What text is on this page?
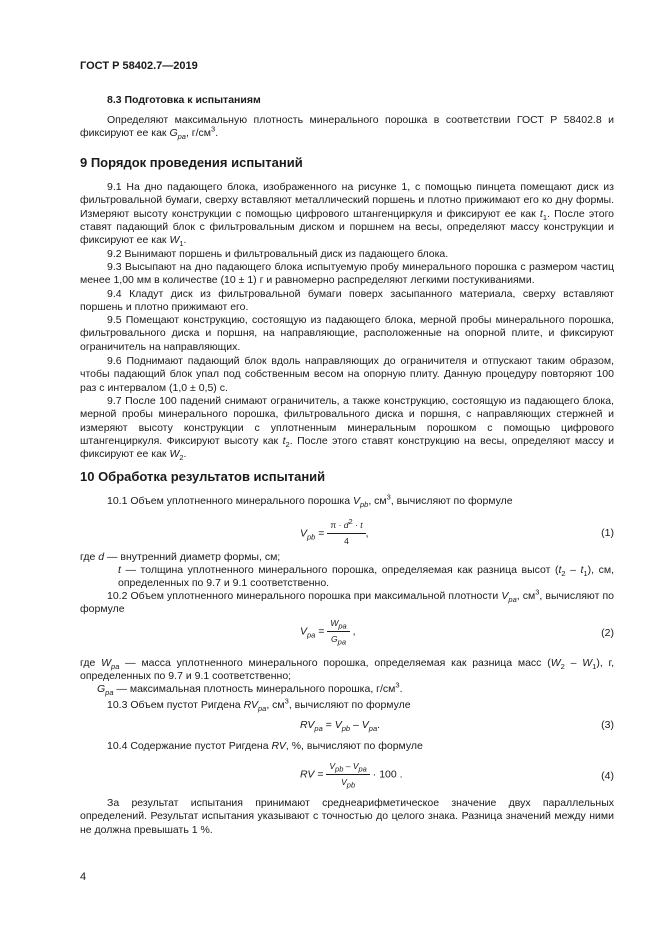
ГОСТ Р 58402.7—2019
8.3 Подготовка к испытаниям

Определяют максимальную плотность минерального порошка в соответствии ГОСТ Р 58402.8 и фиксируют ее как $G_{ра}$, $г/см^3$.

9 Порядок проведения испытаний

9.1 На дно падающего блока, изображенного на рисунке 1, с помощью пинцета помещают диск из фильтровальной бумаги, сверху вставляют металлический поршень и плотно прижимают его ко дну формы. Измеряют высоту конструкции с помощью цифрового штангенциркуля и фиксируют ее как $t_1$. После этого ставят падающий блок с фильтровальным диском и поршнем на весы, определяют массу конструкции и фиксируют ее как $W_1$.

9.2 Вынимают поршень и фильтровальный диск из падающего блока.

9.3 Высыпают на дно падающего блока испытуемую пробу минерального порошка с размером частиц менее 1,00 мм в количестве (10 ± 1) г и равномерно распределяют легкими постукиваниями.

9.4 Кладут диск из фильтровальной бумаги поверх засыпанного материала, сверху вставляют поршень и плотно прижимают его.

9.5 Помещают конструкцию, состоящую из падающего блока, мерной пробы минерального порошка, фильтровального диска и поршня, на направляющие, расположенные на опорной плите, и фиксируют ограничитель на направляющих.

9.6 Поднимают падающий блок вдоль направляющих до ограничителя и отпускают таким образом, чтобы падающий блок упал под собственным весом на опорную плиту. Данную процедуру повторяют 100 раз с интервалом (1,0 ± 0,5) с.

9.7 После 100 падений снимают ограничитель, а также конструкцию, состоящую из падающего блока, мерной пробы минерального порошка, фильтровального диска и поршня, с направляющих стержней и измеряют высоту конструкции с уплотненным минеральным порошком с помощью цифрового штангенциркуля. Фиксируют высоту как $t_2$. После этого ставят конструкцию на весы, определяют массу и фиксируют ее как $W_2$.

10 Обработка результатов испытаний

10.1 Объем уплотненного минерального порошка $V_{pb}$, $см^3$, вычисляют по формуле

$V_{pb} = \frac{\pi \cdot d^2 \cdot t}{4}$ ,	(1)
где d — внутренний диаметр формы, см;
t — толщина уплотненного минерального порошка, определяемая как разница высот $(t_2 - t_1)$, см, определенных по 9.7 и 9.1 соответственно.

10.2 Объем уплотненного минерального порошка при максимальной плотности $V_{ра}$, $см^3$, вычисляют по формуле

$V_{ра}$ =
$W_{ра}$
$G_{ра}$
,	(2)
где $W_{ра}$ — масса уплотненного минерального порошка, определяемая как разница масс $(W_2 - W_1)$, г, определенных по 9.7 и 9.1 соответственно;
$G_{ра}$ — максимальная плотность минерального порошка, $г/см^3$.

10.3 Объем пустот Ригдена $RV_{ра}$, $см^3$, вычисляют по формуле

$RV_{pa} = V_{pb} - V_{pa}$.	(3)

10.4 Содержание пустот Ригдена RV, %, вычисляют по формуле

RV =
$V_{pb} - V_{pa}$
$V_{pb}$
· 100 .	(4)

За результат испытания принимают среднеарифметическое значение двух параллельных определений. Результат испытания указывают с точностью до целого знака. Разница значений между ними не должна превышать 1 %.

4
